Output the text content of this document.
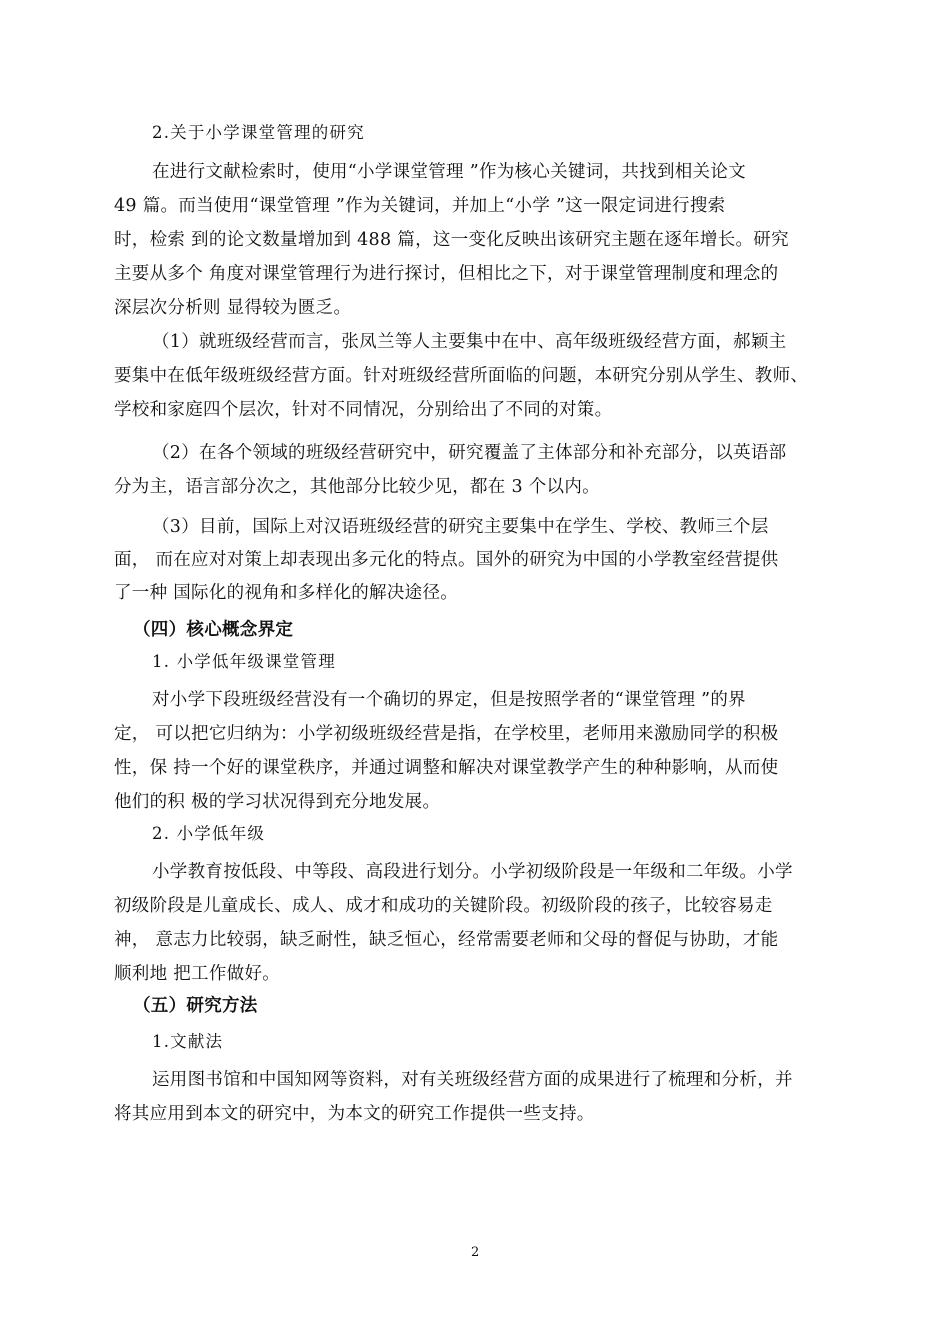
2.关于小学课堂管理的研究
在进行文献检索时，使用“小学课堂管理 ”作为核心关键词，共找到相关论文
49 篇。而当使用“课堂管理 ”作为关键词，并加上“小学 ”这一限定词进行搜索
时，检索 到的论文数量增加到 488 篇，这一变化反映出该研究主题在逐年增长。研究
主要从多个 角度对课堂管理行为进行探讨，但相比之下，对于课堂管理制度和理念的
深层次分析则 显得较为匮乏。
（1）就班级经营而言，张凤兰等人主要集中在中、高年级班级经营方面，郝颖主
要集中在低年级班级经营方面。针对班级经营所面临的问题，本研究分别从学生、教师、
学校和家庭四个层次，针对不同情况，分别给出了不同的对策。
（2）在各个领域的班级经营研究中，研究覆盖了主体部分和补充部分，以英语部
分为主，语言部分次之，其他部分比较少见，都在 3 个以内。
（3）目前，国际上对汉语班级经营的研究主要集中在学生、学校、教师三个层
面， 而在应对对策上却表现出多元化的特点。国外的研究为中国的小学教室经营提供
了一种 国际化的视角和多样化的解决途径。
（四）核心概念界定
1. 小学低年级课堂管理
对小学下段班级经营没有一个确切的界定，但是按照学者的“课堂管理 ”的界
定， 可以把它归纳为：小学初级班级经营是指，在学校里，老师用来激励同学的积极
性，保 持一个好的课堂秩序，并通过调整和解决对课堂教学产生的种种影响，从而使
他们的积 极的学习状况得到充分地发展。
2. 小学低年级
小学教育按低段、中等段、高段进行划分。小学初级阶段是一年级和二年级。小学
初级阶段是儿童成长、成人、成才和成功的关键阶段。初级阶段的孩子，比较容易走
神， 意志力比较弱，缺乏耐性，缺乏恒心，经常需要老师和父母的督促与协助，才能
顺利地 把工作做好。
（五）研究方法
1.文献法
运用图书馆和中国知网等资料，对有关班级经营方面的成果进行了梳理和分析，并
将其应用到本文的研究中，为本文的研究工作提供一些支持。
2
